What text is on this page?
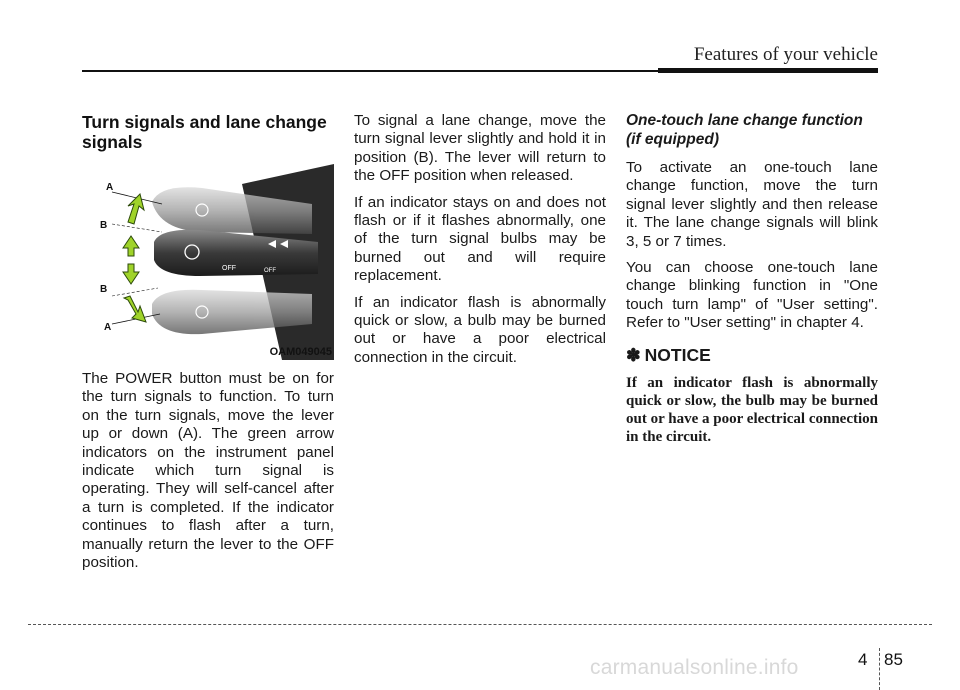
Features of your vehicle
Turn signals and lane change signals
OFF	OFF
A
B
B
A
OAM049045

The POWER button must be on for the turn signals to function. To turn on the turn signals, move the lever up or down (A). The green arrow indicators on the instrument panel indicate which turn signal is operating. They will self-cancel after a turn is completed. If the indicator continues to flash after a turn, manually return the lever to the OFF position.

To signal a lane change, move the turn signal lever slightly and hold it in position (B). The lever will return to the OFF position when released.

If an indicator stays on and does not flash or if it flashes abnormally, one of the turn signal bulbs may be burned out and will require replacement.

If an indicator flash is abnormally quick or slow, a bulb may be burned out or have a poor electrical connection in the circuit.

One-touch lane change function (if equipped)

To activate an one-touch lane change function, move the turn signal lever slightly and then release it. The lane change signals will blink 3, 5 or 7 times.

You can choose one-touch lane change blinking function in "One touch turn lamp" of "User setting". Refer to "User setting" in chapter 4.

✽ NOTICE
If an indicator flash is abnormally quick or slow, the bulb may be burned out or have a poor electrical connection in the circuit.
4 85
carmanualsonline.info
